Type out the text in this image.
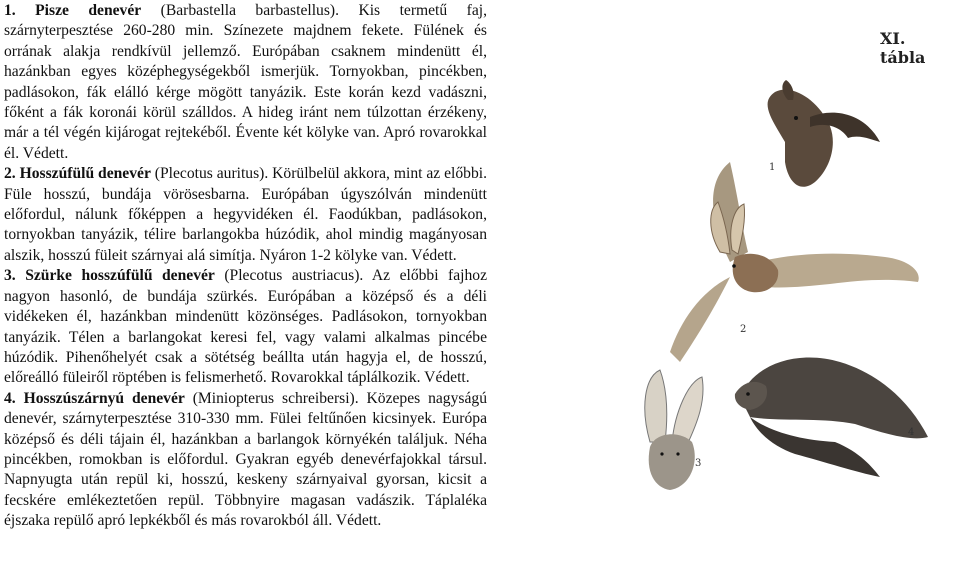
1. Pisze denevér (Barbastella barbastellus). Kis termetű faj, szárnyterpesztése 260-280 min. Színezete majdnem fekete. Fülének és orrának alakja rendkívül jellemző. Európában csaknem mindenütt él, hazánkban egyes középhegységekből ismerjük. Tornyokban, pincékben, padlásokon, fák elálló kérge mögött tanyázik. Este korán kezd vadászni, főként a fák koronái körül szálldos. A hideg iránt nem túlzottan érzékeny, már a tél végén kijárogat rejtekéből. Évente két kölyke van. Apró rovarokkal él. Védett.

2. Hosszúfülű denevér (Plecotus auritus). Körülbelül akkora, mint az előbbi. Füle hosszú, bundája vörösesbarna. Európában úgyszólván mindenütt előfordul, nálunk főképpen a hegyvidéken él. Faodúkban, padlásokon, tornyokban tanyázik, télire barlangokba húzódik, ahol mindig magányosan alszik, hosszú füleit szárnyai alá simítja. Nyáron 1-2 kölyke van. Védett.

3. Szürke hosszúfülű denevér (Plecotus austriacus). Az előbbi fajhoz nagyon hasonló, de bundája szürkés. Európában a középső és a déli vidékeken él, hazánkban mindenütt közönséges. Padlásokon, tornyokban tanyázik. Télen a barlangokat keresi fel, vagy valami alkalmas pincébe húzódik. Pihenőhelyét csak a sötétség beállta után hagyja el, de hosszú, előreálló füleiről röptében is felismerhető. Rovarokkal táplálkozik. Védett.

4. Hosszúszárnyú denevér (Miniopterus schreibersi). Közepes nagyságú denevér, szárnyterpesztése 310-330 mm. Fülei feltűnően kicsinyek. Európa középső és déli tájain él, hazánkban a barlangok környékén találjuk. Néha pincékben, romokban is előfordul. Gyakran egyéb denevérfajokkal társul. Napnyugta után repül ki, hosszú, keskeny szárnyaival gyorsan, kicsit a fecskére emlékeztetően repül. Többnyire magasan vadászik. Táplaléka éjszaka repülő apró lepkékből és más rovarokból áll. Védett.

XI. tábla
1
2
3
4
